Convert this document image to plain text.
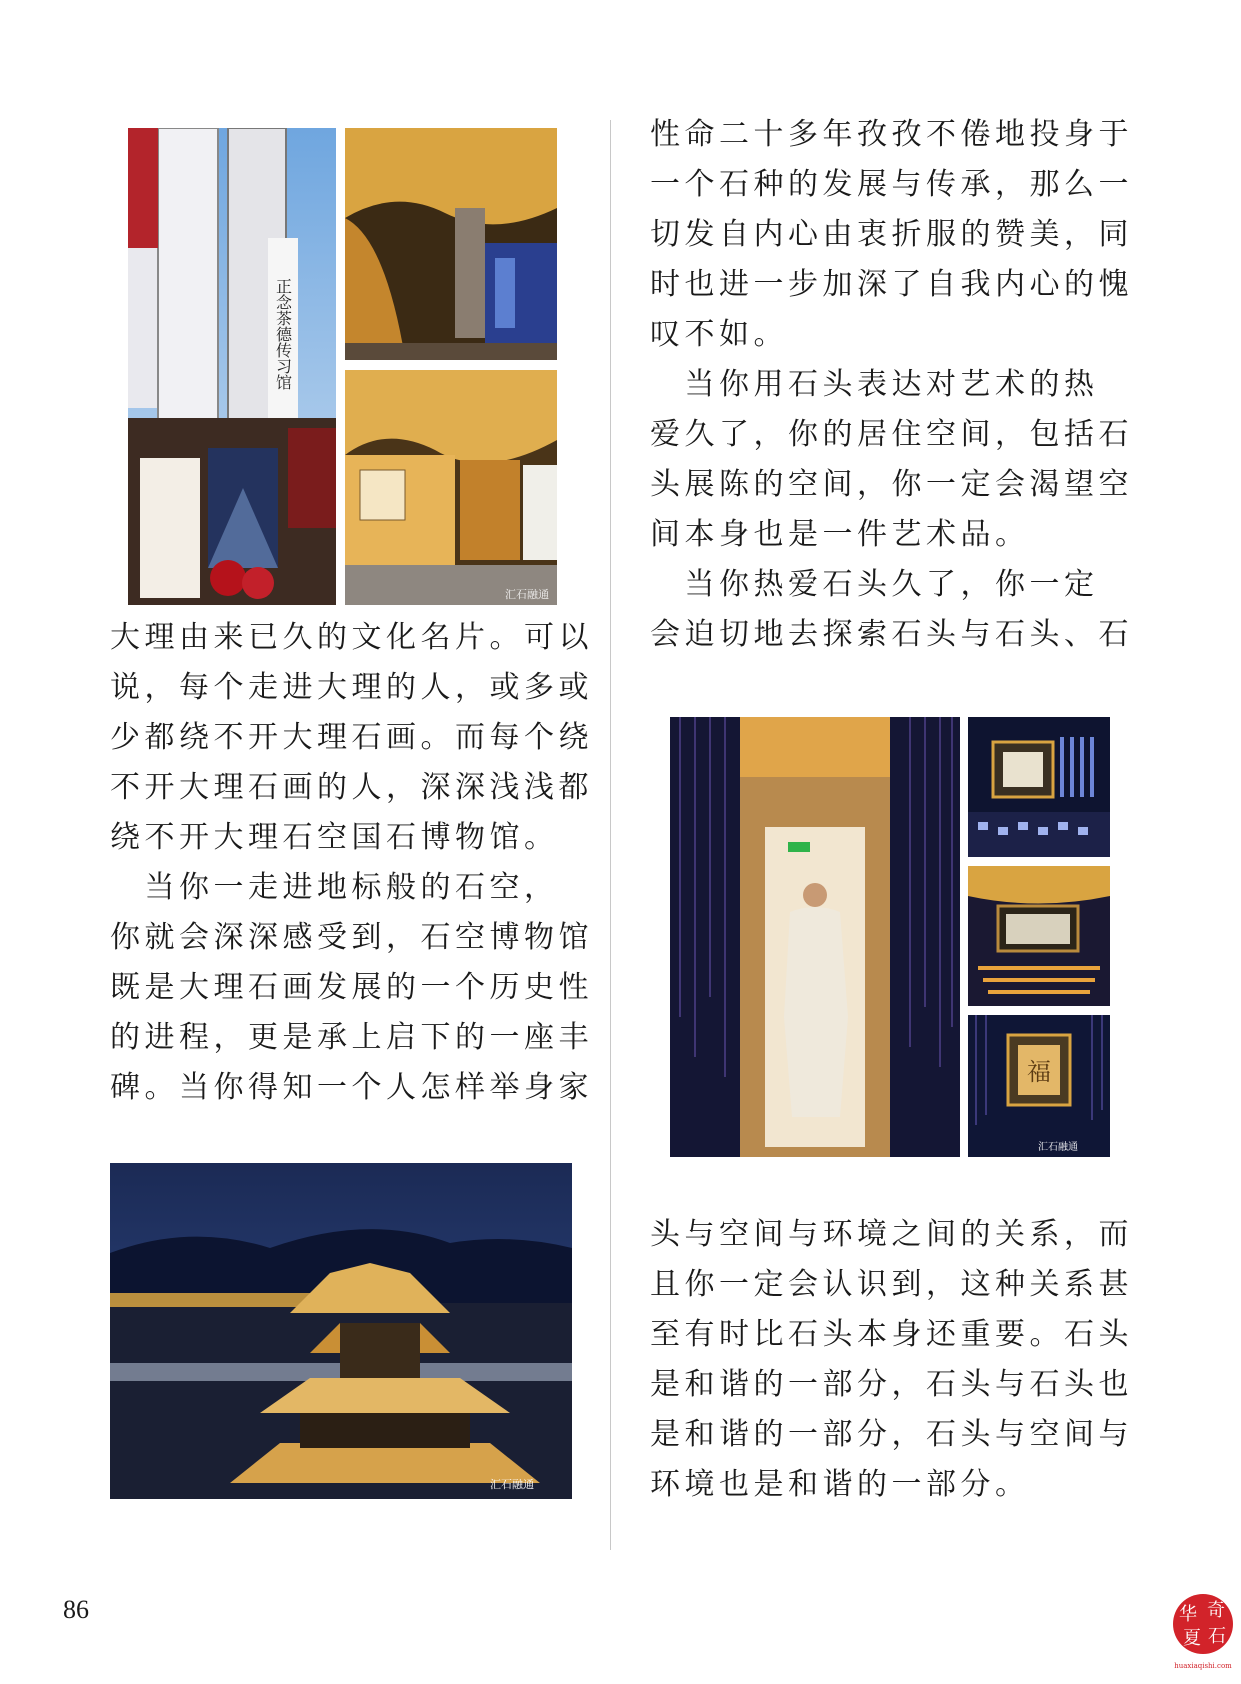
正念茶德传习馆
汇石融通
大理由来已久的文化名片。可以
说，每个走进大理的人，或多或
少都绕不开大理石画。而每个绕
不开大理石画的人，深深浅浅都
绕不开大理石空国石博物馆。
　当你一走进地标般的石空，
你就会深深感受到，石空博物馆
既是大理石画发展的一个历史性
的进程，更是承上启下的一座丰
碑。当你得知一个人怎样举身家
汇石融通
性命二十多年孜孜不倦地投身于
一个石种的发展与传承，那么一
切发自内心由衷折服的赞美，同
时也进一步加深了自我内心的愧
叹不如。
　当你用石头表达对艺术的热
爱久了，你的居住空间，包括石
头展陈的空间，你一定会渴望空
间本身也是一件艺术品。
　当你热爱石头久了，你一定
会迫切地去探索石头与石头、石
福
汇石融通
头与空间与环境之间的关系，而
且你一定会认识到，这种关系甚
至有时比石头本身还重要。石头
是和谐的一部分，石头与石头也
是和谐的一部分，石头与空间与
环境也是和谐的一部分。
86	华 奇
夏 石
huaxiaqishi.com
